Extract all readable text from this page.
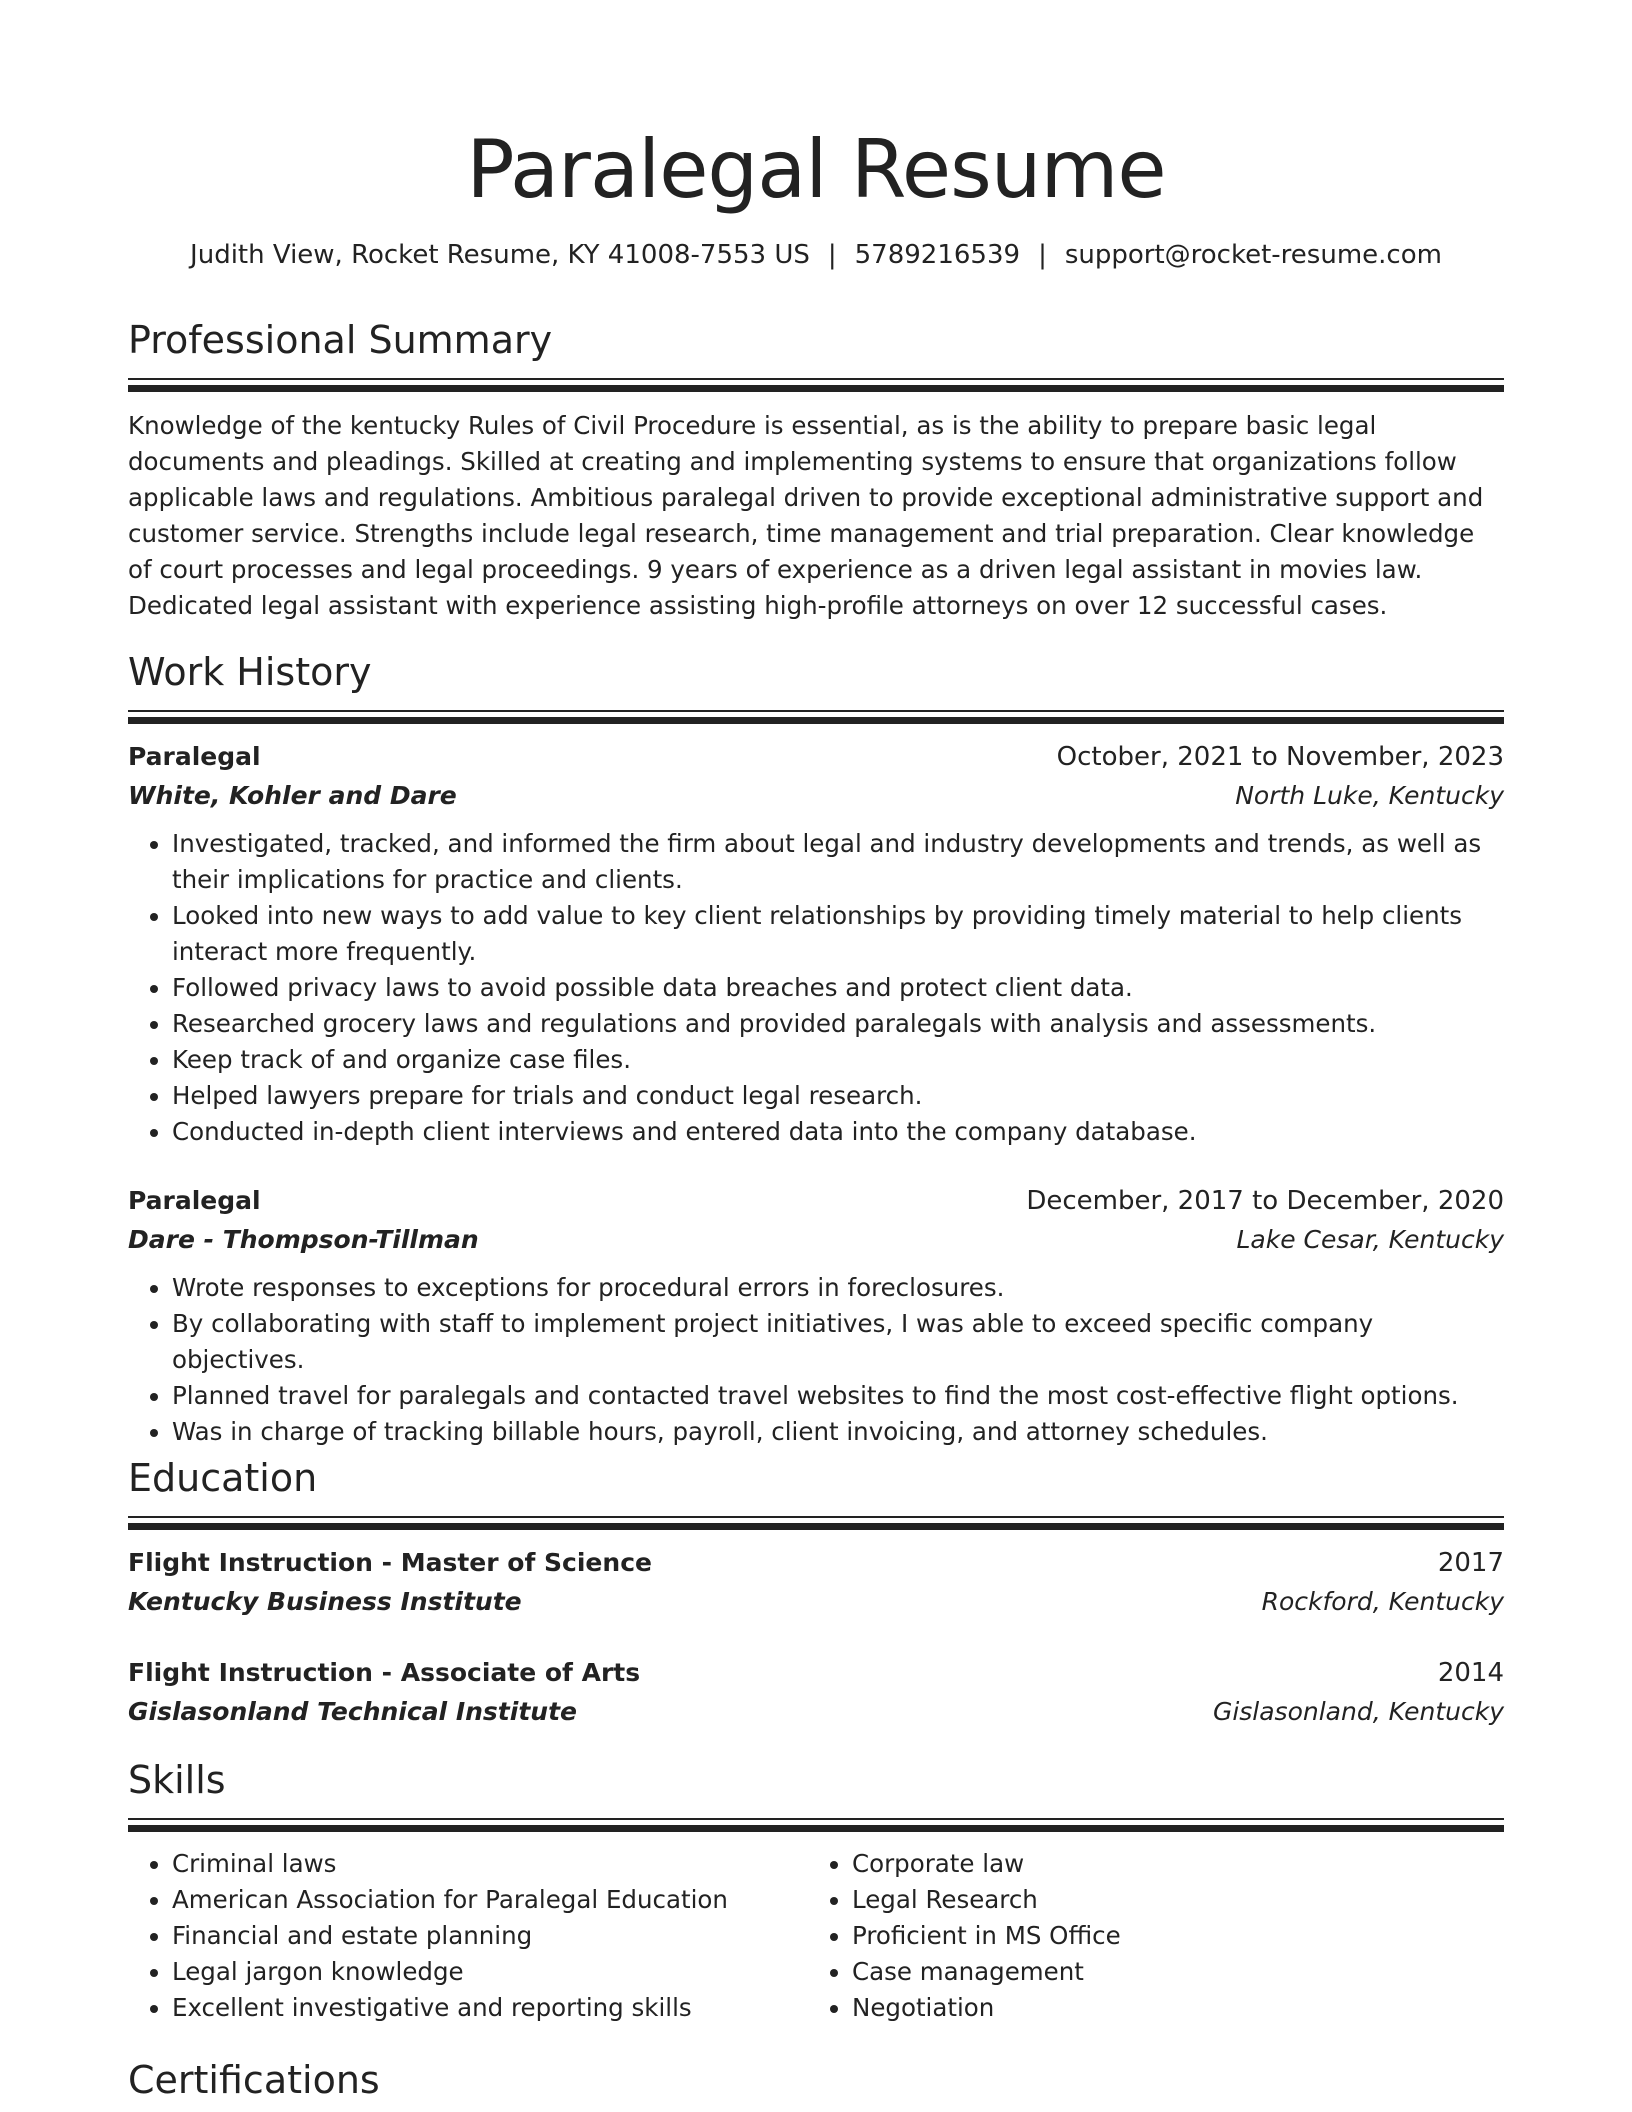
Paralegal Resume
Judith View, Rocket Resume, KY 41008-7553 US | 5789216539 | support@rocket-resume.com
Professional Summary
Knowledge of the kentucky Rules of Civil Procedure is essential, as is the ability to prepare basic legal documents and pleadings. Skilled at creating and implementing systems to ensure that organizations follow applicable laws and regulations. Ambitious paralegal driven to provide exceptional administrative support and customer service. Strengths include legal research, time management and trial preparation. Clear knowledge of court processes and legal proceedings. 9 years of experience as a driven legal assistant in movies law. Dedicated legal assistant with experience assisting high-profile attorneys on over 12 successful cases.
Work History
Paralegal	October, 2021 to November, 2023
White, Kohler and Dare	North Luke, Kentucky
• Investigated, tracked, and informed the firm about legal and industry developments and trends, as well as their implications for practice and clients.
• Looked into new ways to add value to key client relationships by providing timely material to help clients interact more frequently.
• Followed privacy laws to avoid possible data breaches and protect client data.
• Researched grocery laws and regulations and provided paralegals with analysis and assessments.
• Keep track of and organize case files.
• Helped lawyers prepare for trials and conduct legal research.
• Conducted in-depth client interviews and entered data into the company database.
Paralegal	December, 2017 to December, 2020
Dare - Thompson-Tillman	Lake Cesar, Kentucky
• Wrote responses to exceptions for procedural errors in foreclosures.
• By collaborating with staff to implement project initiatives, I was able to exceed specific company objectives.
• Planned travel for paralegals and contacted travel websites to find the most cost-effective flight options.
• Was in charge of tracking billable hours, payroll, client invoicing, and attorney schedules.
Education
Flight Instruction - Master of Science	2017
Kentucky Business Institute	Rockford, Kentucky
Flight Instruction - Associate of Arts	2014
Gislasonland Technical Institute	Gislasonland, Kentucky
Skills
• Criminal laws
• American Association for Paralegal Education
• Financial and estate planning
• Legal jargon knowledge
• Excellent investigative and reporting skills
• Corporate law
• Legal Research
• Proficient in MS Office
• Case management
• Negotiation
Certifications
